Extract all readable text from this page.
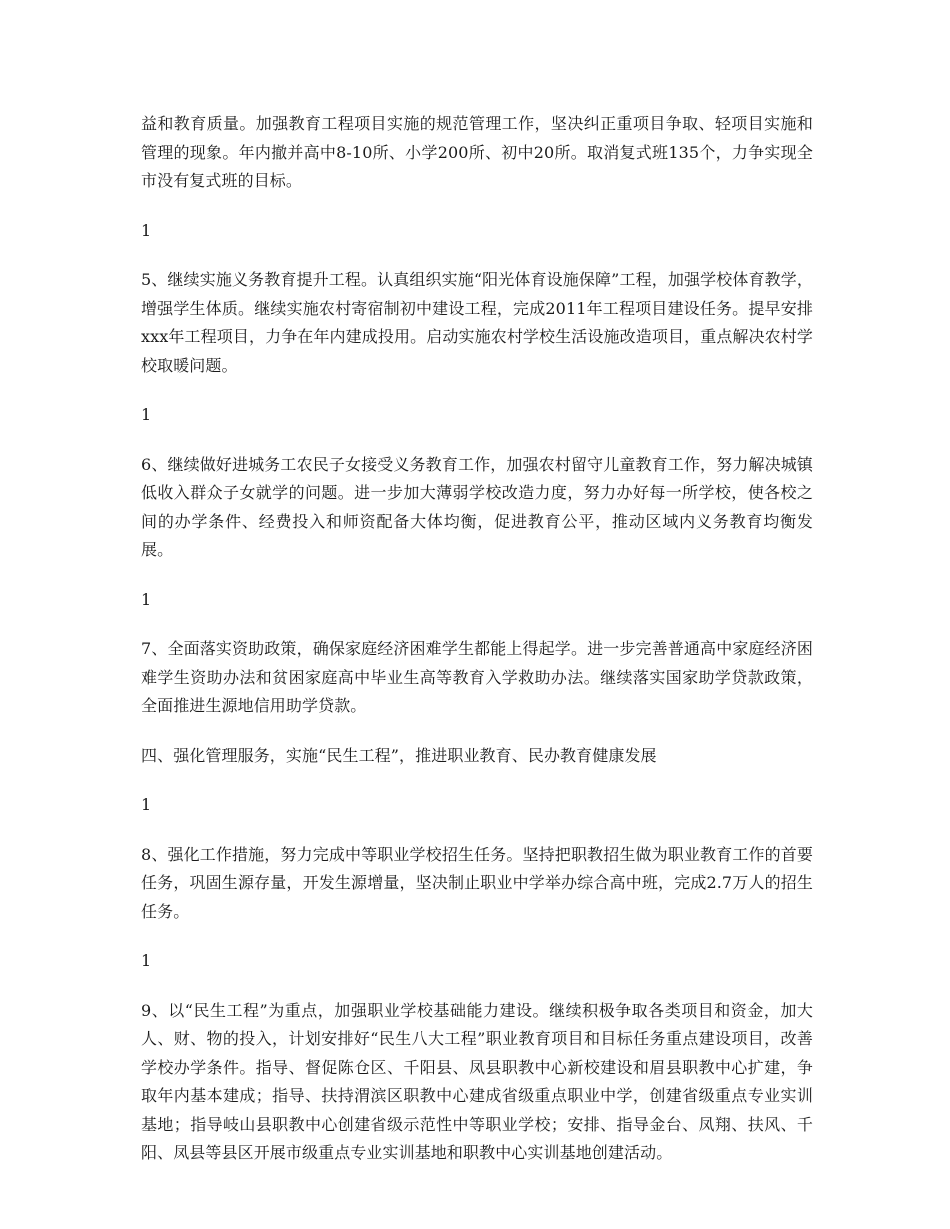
益和教育质量。加强教育工程项目实施的规范管理工作，坚决纠正重项目争取、轻项目实施和管理的现象。年内撤并高中8-10所、小学200所、初中20所。取消复式班135个，力争实现全市没有复式班的目标。

1

5、继续实施义务教育提升工程。认真组织实施“阳光体育设施保障”工程，加强学校体育教学，增强学生体质。继续实施农村寄宿制初中建设工程，完成2011年工程项目建设任务。提早安排xxx年工程项目，力争在年内建成投用。启动实施农村学校生活设施改造项目，重点解决农村学校取暖问题。

1

6、继续做好进城务工农民子女接受义务教育工作，加强农村留守儿童教育工作，努力解决城镇低收入群众子女就学的问题。进一步加大薄弱学校改造力度，努力办好每一所学校，使各校之间的办学条件、经费投入和师资配备大体均衡，促进教育公平，推动区域内义务教育均衡发展。

1

7、全面落实资助政策，确保家庭经济困难学生都能上得起学。进一步完善普通高中家庭经济困难学生资助办法和贫困家庭高中毕业生高等教育入学救助办法。继续落实国家助学贷款政策，全面推进生源地信用助学贷款。

四、强化管理服务，实施“民生工程”，推进职业教育、民办教育健康发展

1

8、强化工作措施，努力完成中等职业学校招生任务。坚持把职教招生做为职业教育工作的首要任务，巩固生源存量，开发生源增量，坚决制止职业中学举办综合高中班，完成2.7万人的招生任务。

1

9、以“民生工程”为重点，加强职业学校基础能力建设。继续积极争取各类项目和资金，加大人、财、物的投入，计划安排好“民生八大工程”职业教育项目和目标任务重点建设项目，改善学校办学条件。指导、督促陈仓区、千阳县、凤县职教中心新校建设和眉县职教中心扩建，争取年内基本建成；指导、扶持渭滨区职教中心建成省级重点职业中学，创建省级重点专业实训基地；指导岐山县职教中心创建省级示范性中等职业学校；安排、指导金台、凤翔、扶风、千阳、凤县等县区开展市级重点专业实训基地和职教中心实训基地创建活动。
